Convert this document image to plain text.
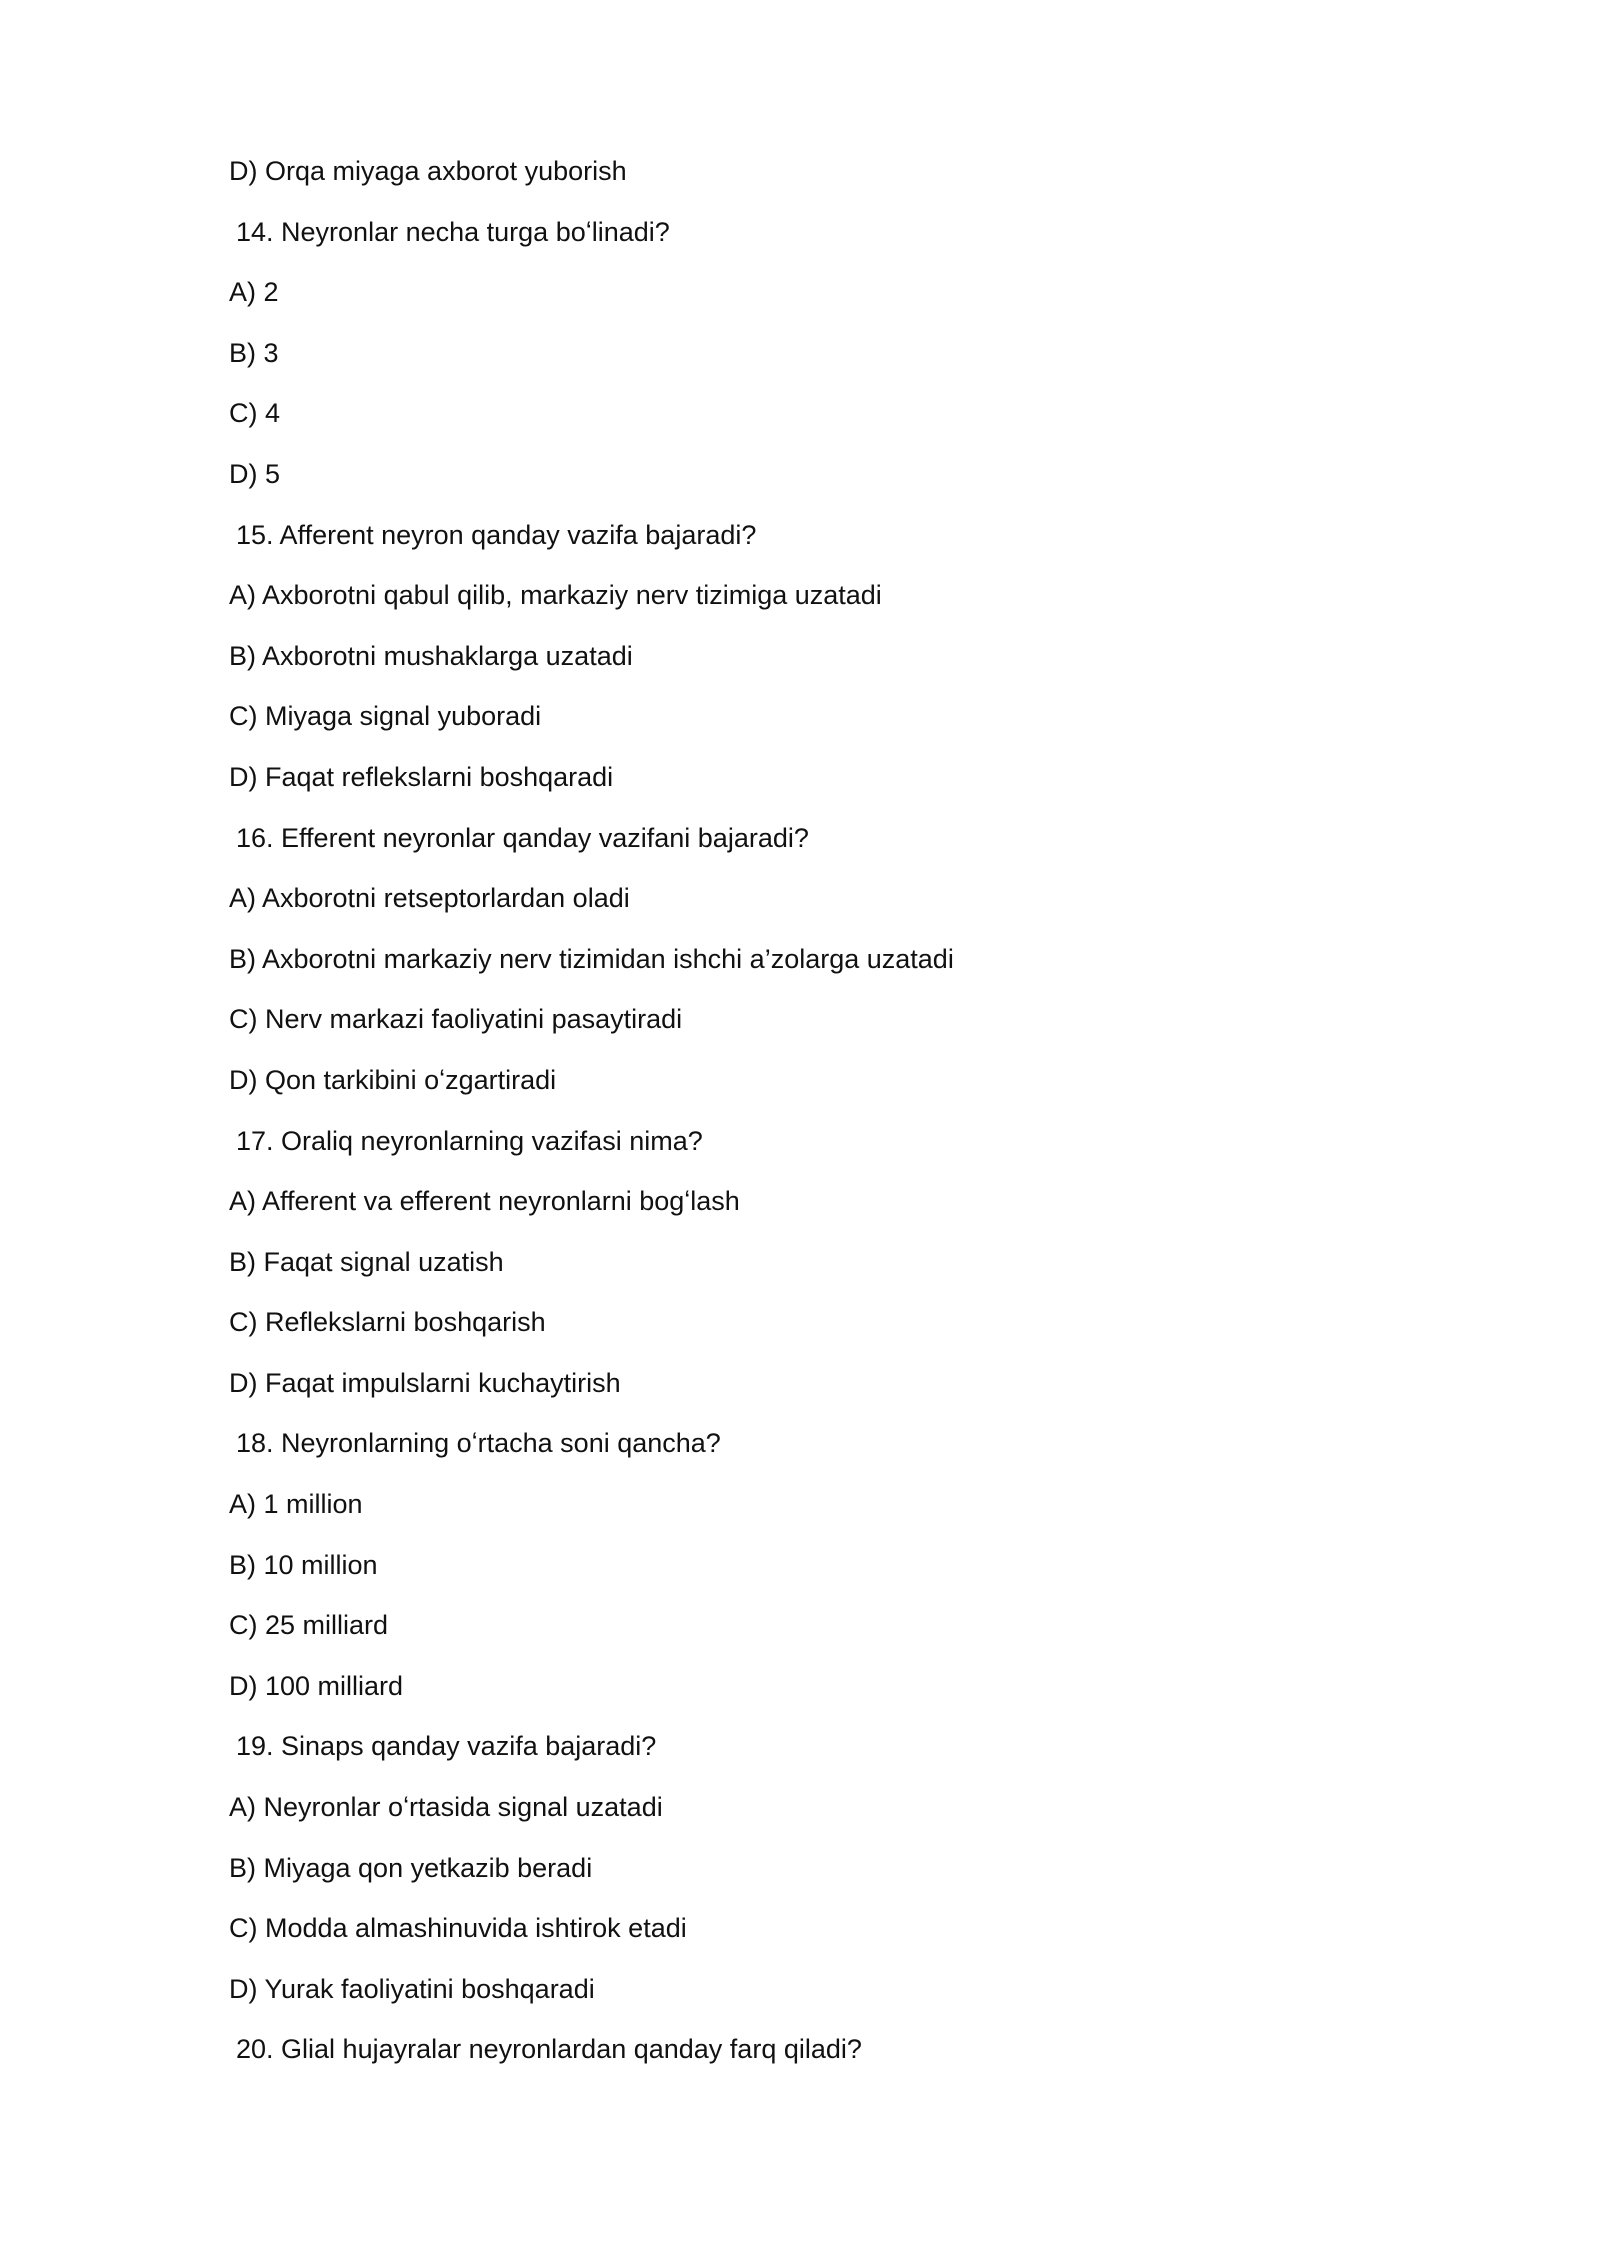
D) Orqa miyaga axborot yuborish
14. Neyronlar necha turga boʻlinadi?
A) 2
B) 3
C) 4
D) 5
15. Afferent neyron qanday vazifa bajaradi?
A) Axborotni qabul qilib, markaziy nerv tizimiga uzatadi
B) Axborotni mushaklarga uzatadi
C) Miyaga signal yuboradi
D) Faqat reflekslarni boshqaradi
16. Efferent neyronlar qanday vazifani bajaradi?
A) Axborotni retseptorlardan oladi
B) Axborotni markaziy nerv tizimidan ishchi a’zolarga uzatadi
C) Nerv markazi faoliyatini pasaytiradi
D) Qon tarkibini oʻzgartiradi
17. Oraliq neyronlarning vazifasi nima?
A) Afferent va efferent neyronlarni bogʻlash
B) Faqat signal uzatish
C) Reflekslarni boshqarish
D) Faqat impulslarni kuchaytirish
18. Neyronlarning oʻrtacha soni qancha?
A) 1 million
B) 10 million
C) 25 milliard
D) 100 milliard
19. Sinaps qanday vazifa bajaradi?
A) Neyronlar oʻrtasida signal uzatadi
B) Miyaga qon yetkazib beradi
C) Modda almashinuvida ishtirok etadi
D) Yurak faoliyatini boshqaradi
20. Glial hujayralar neyronlardan qanday farq qiladi?
